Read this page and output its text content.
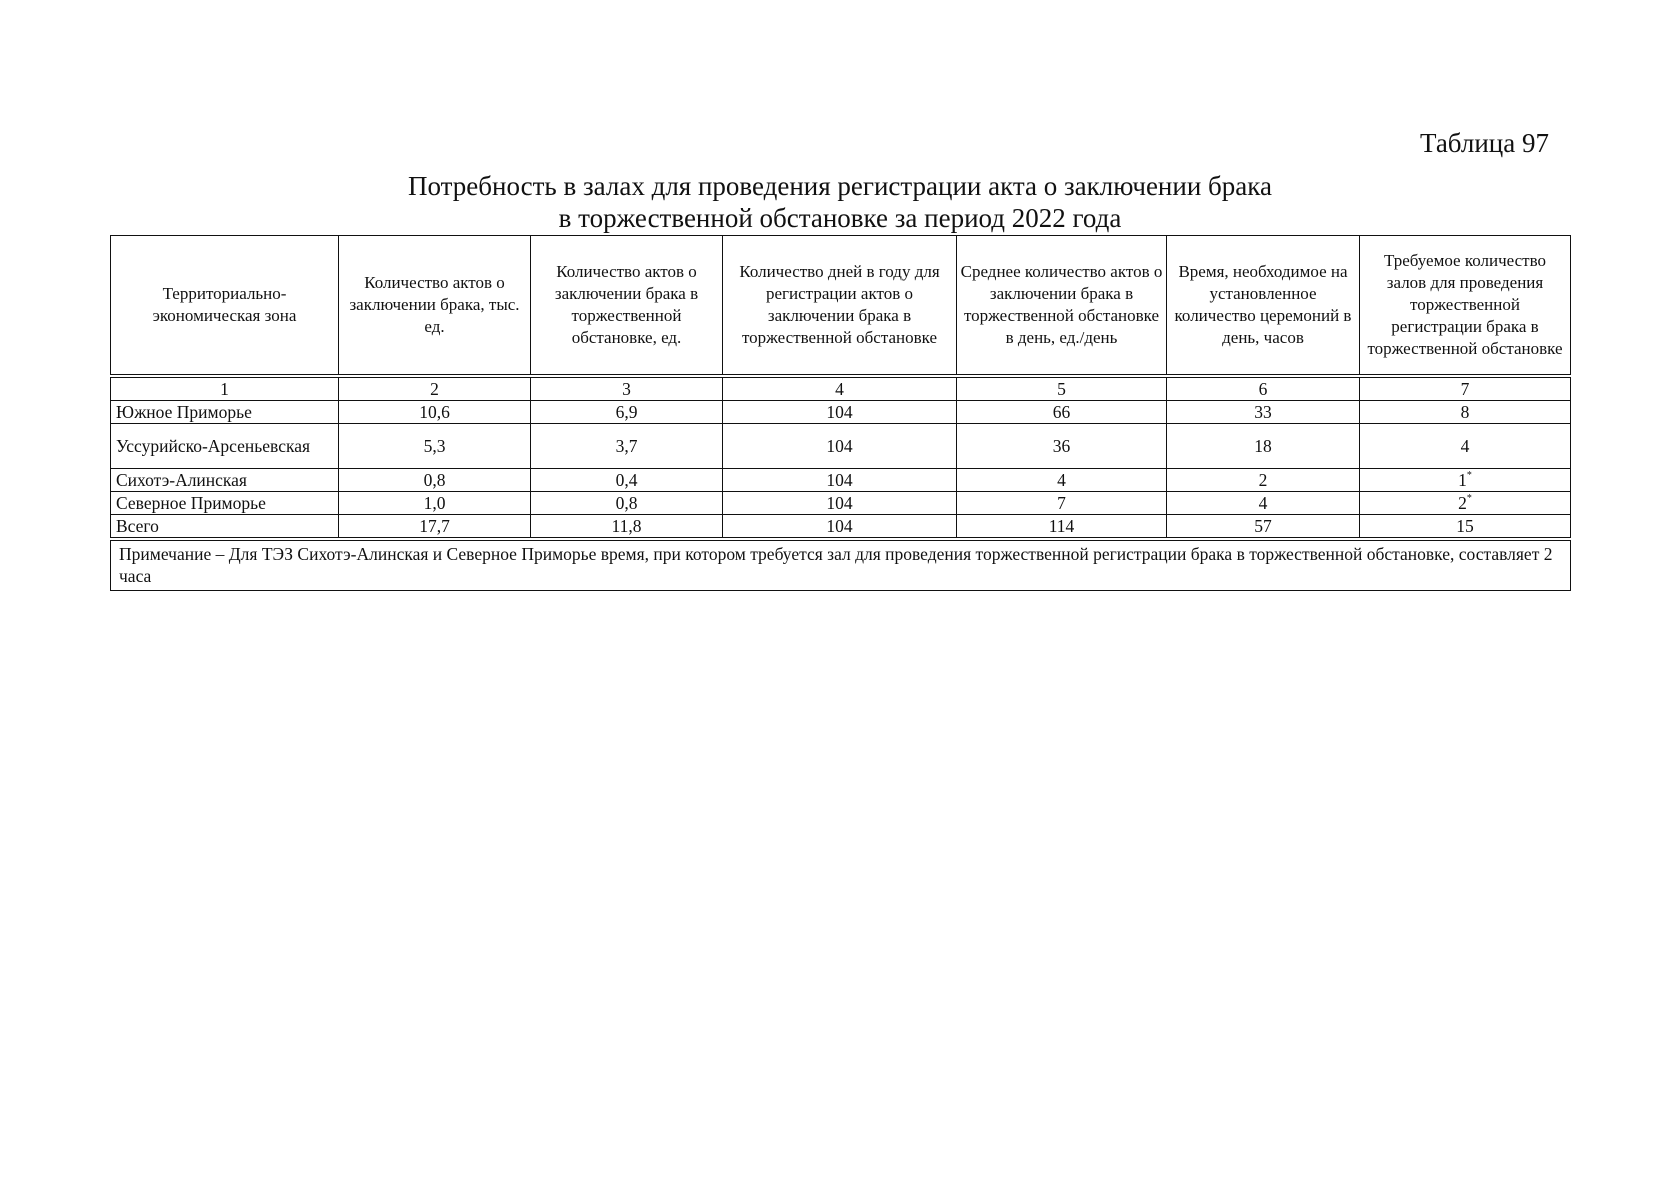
Таблица 97
Потребность в залах для проведения регистрации акта о заключении брака
в торжественной обстановке за период 2022 года
Территориально-экономическая зона	Количество актов о заключении брака, тыс. ед.	Количество актов о заключении брака в торжественной обстановке, ед.	Количество дней в году для регистрации актов о заключении брака в торжественной обстановке	Среднее количество актов о заключении брака в торжественной обстановке в день, ед./день	Время, необходимое на установленное количество церемоний в день, часов	Требуемое количество залов для проведения торжественной регистрации брака в торжественной обстановке
1	2	3	4	5	6	7
Южное Приморье	10,6	6,9	104	66	33	8
Уссурийско-Арсеньевская	5,3	3,7	104	36	18	4
Сихотэ-Алинская	0,8	0,4	104	4	2	1*
Северное Приморье	1,0	0,8	104	7	4	2*
Всего	17,7	11,8	104	114	57	15
Примечание – Для ТЭЗ Сихотэ-Алинская и Северное Приморье время, при котором требуется зал для проведения торжественной регистрации брака в торжественной обстановке, составляет 2 часа						
